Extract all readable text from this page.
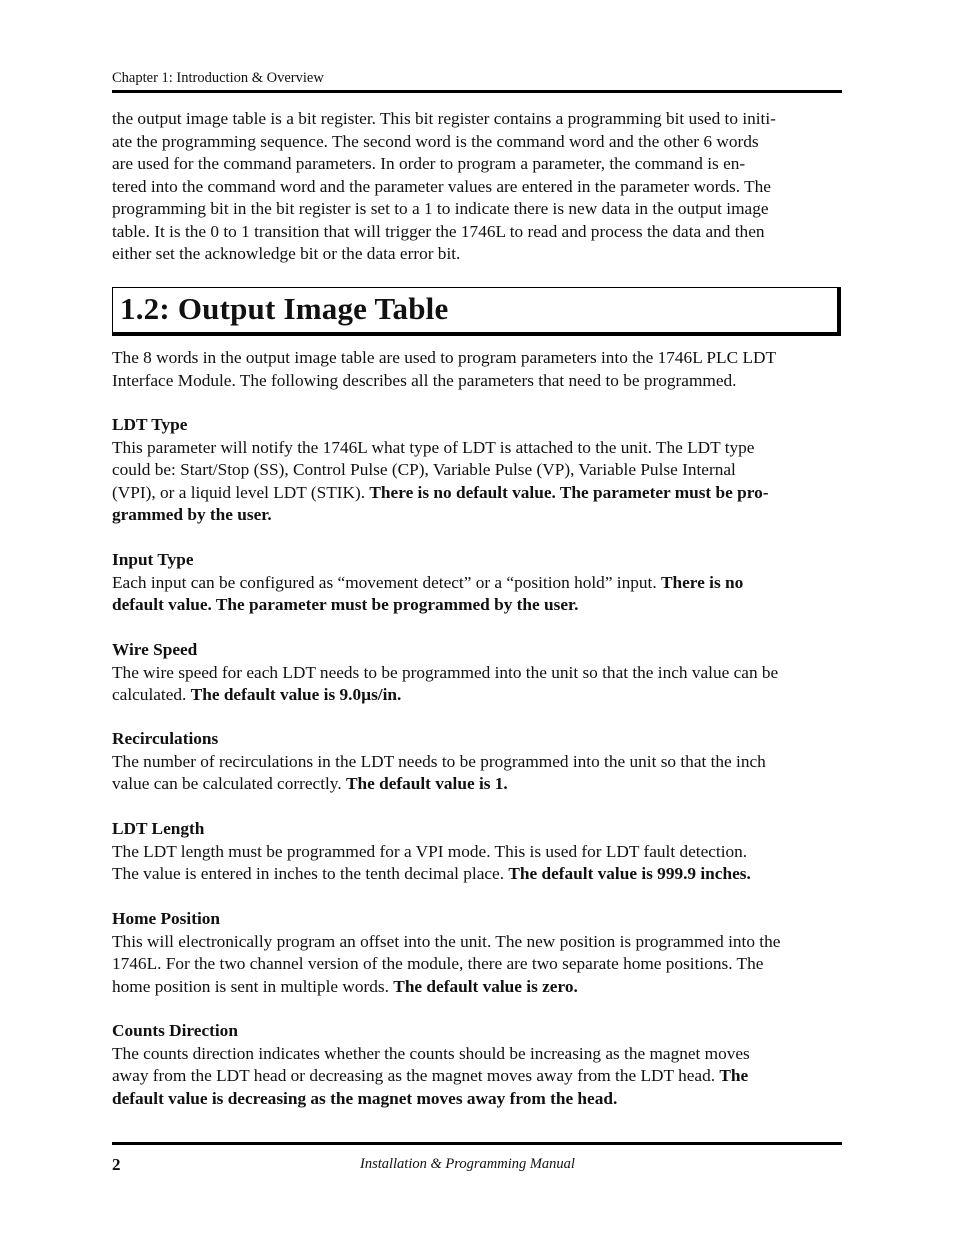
Chapter 1: Introduction & Overview

the output image table is a bit register. This bit register contains a programming bit used to initi-
ate the programming sequence. The second word is the command word and the other 6 words
are used for the command parameters. In order to program a parameter, the command is en-
tered into the command word and the parameter values are entered in the parameter words. The
programming bit in the bit register is set to a 1 to indicate there is new data in the output image
table. It is the 0 to 1 transition that will trigger the 1746L to read and process the data and then
either set the acknowledge bit or the data error bit.

1.2: Output Image Table

The 8 words in the output image table are used to program parameters into the 1746L PLC LDT
Interface Module. The following describes all the parameters that need to be programmed.

LDT Type

This parameter will notify the 1746L what type of LDT is attached to the unit. The LDT type
could be: Start/Stop (SS), Control Pulse (CP), Variable Pulse (VP), Variable Pulse Internal
(VPI), or a liquid level LDT (STIK). There is no default value. The parameter must be pro-
grammed by the user.

Input Type

Each input can be configured as “movement detect” or a “position hold” input. There is no
default value. The parameter must be programmed by the user.

Wire Speed

The wire speed for each LDT needs to be programmed into the unit so that the inch value can be
calculated. The default value is 9.0µs/in.

Recirculations

The number of recirculations in the LDT needs to be programmed into the unit so that the inch
value can be calculated correctly. The default value is 1.

LDT Length

The LDT length must be programmed for a VPI mode. This is used for LDT fault detection.
The value is entered in inches to the tenth decimal place. The default value is 999.9 inches.

Home Position

This will electronically program an offset into the unit. The new position is programmed into the
1746L. For the two channel version of the module, there are two separate home positions. The
home position is sent in multiple words. The default value is zero.

Counts Direction

The counts direction indicates whether the counts should be increasing as the magnet moves
away from the LDT head or decreasing as the magnet moves away from the LDT head. The
default value is decreasing as the magnet moves away from the head.

2	Installation & Programming Manual
